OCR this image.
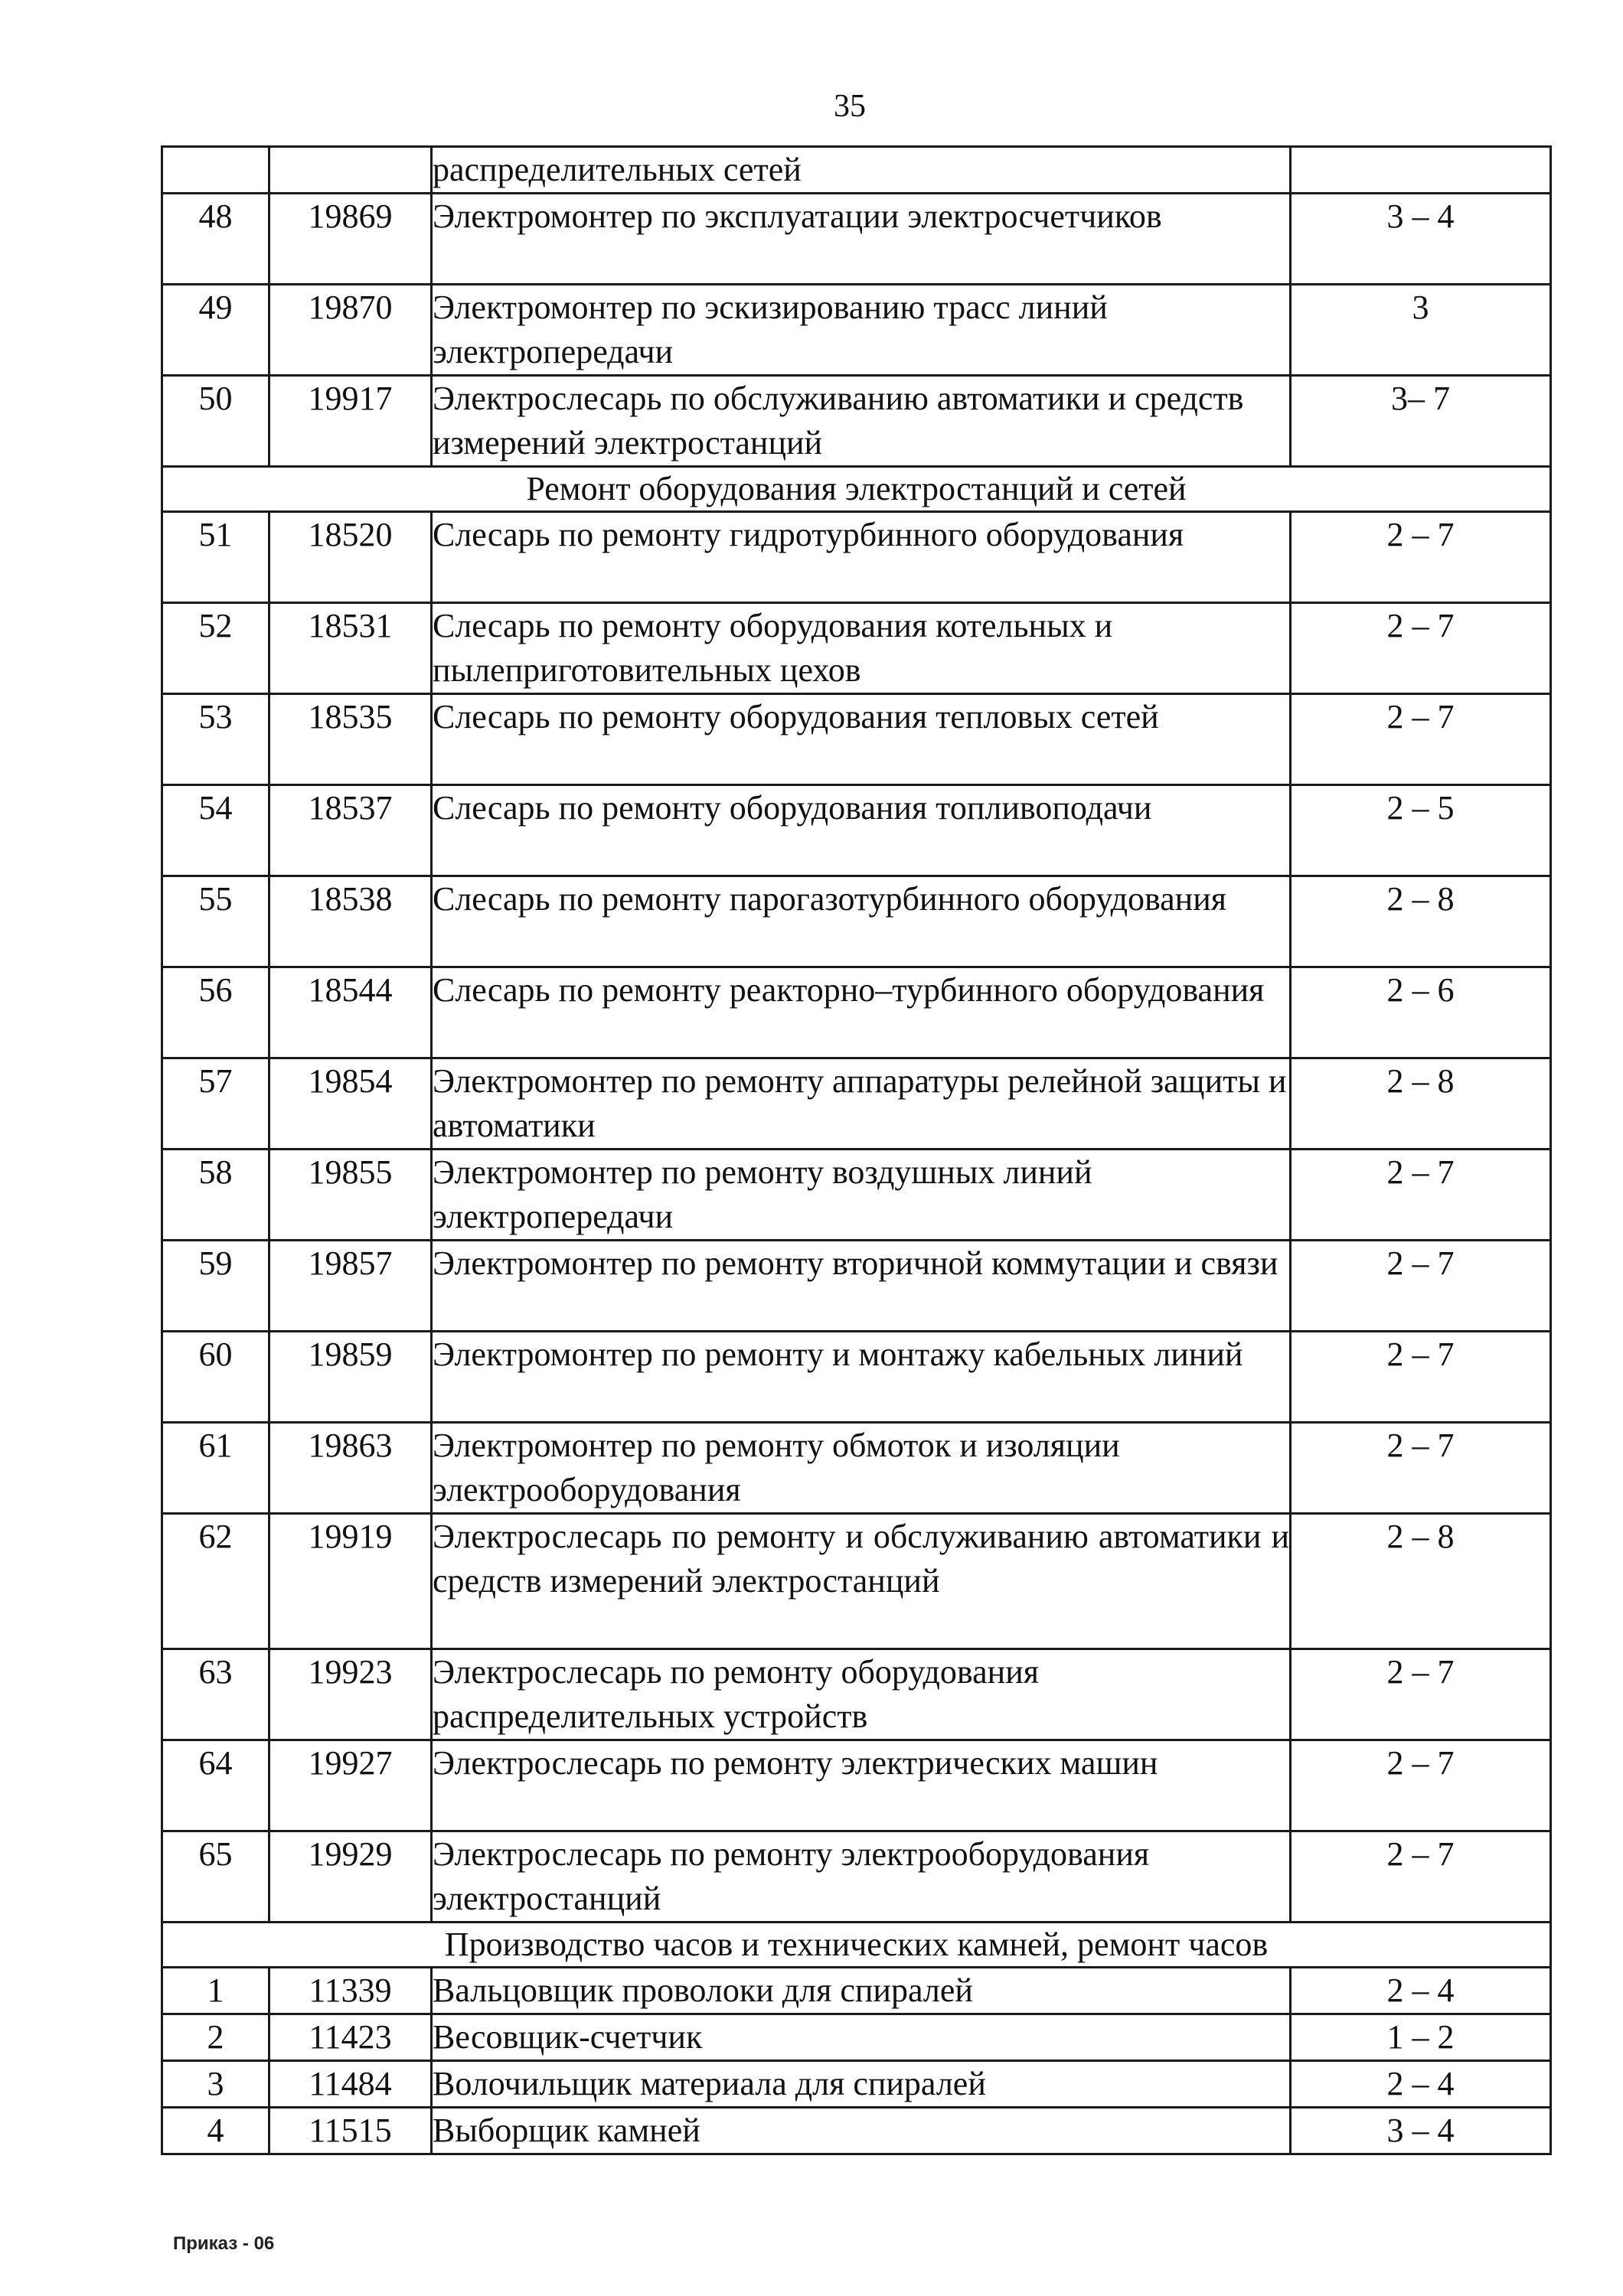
35
		распределительных сетей	
48	19869	Электромонтер по эксплуатации электросчетчиков	3 – 4
49	19870	Электромонтер по эскизированию трасс линий электропередачи	3
50	19917	Электрослесарь по обслуживанию автоматики и средств измерений электростанций	3– 7
Ремонт оборудования электростанций и сетей			
51	18520	Слесарь по ремонту гидротурбинного оборудования	2 – 7
52	18531	Слесарь по ремонту оборудования котельных и пылеприготовительных цехов	2 – 7
53	18535	Слесарь по ремонту оборудования тепловых сетей	2 – 7
54	18537	Слесарь по ремонту оборудования топливоподачи	2 – 5
55	18538	Слесарь по ремонту парогазотурбинного оборудования	2 – 8
56	18544	Слесарь по ремонту реакторно–турбинного оборудования	2 – 6
57	19854	Электромонтер по ремонту аппаратуры релейной защиты и автоматики	2 – 8
58	19855	Электромонтер по ремонту воздушных линий электропередачи	2 – 7
59	19857	Электромонтер по ремонту вторичной коммутации и связи	2 – 7
60	19859	Электромонтер по ремонту и монтажу кабельных линий	2 – 7
61	19863	Электромонтер по ремонту обмоток и изоляции электрооборудования	2 – 7
62	19919	Электрослесарь по ремонту и обслуживанию автоматики и средств измерений электростанций	2 – 8
63	19923	Электрослесарь по ремонту оборудования распределительных устройств	2 – 7
64	19927	Электрослесарь по ремонту электрических машин	2 – 7
65	19929	Электрослесарь по ремонту электрооборудования электростанций	2 – 7
Производство часов и технических камней, ремонт часов			
1	11339	Вальцовщик проволоки для спиралей	2 – 4
2	11423	Весовщик-счетчик	1 – 2
3	11484	Волочильщик материала для спиралей	2 – 4
4	11515	Выборщик камней	3 – 4
Приказ - 06
